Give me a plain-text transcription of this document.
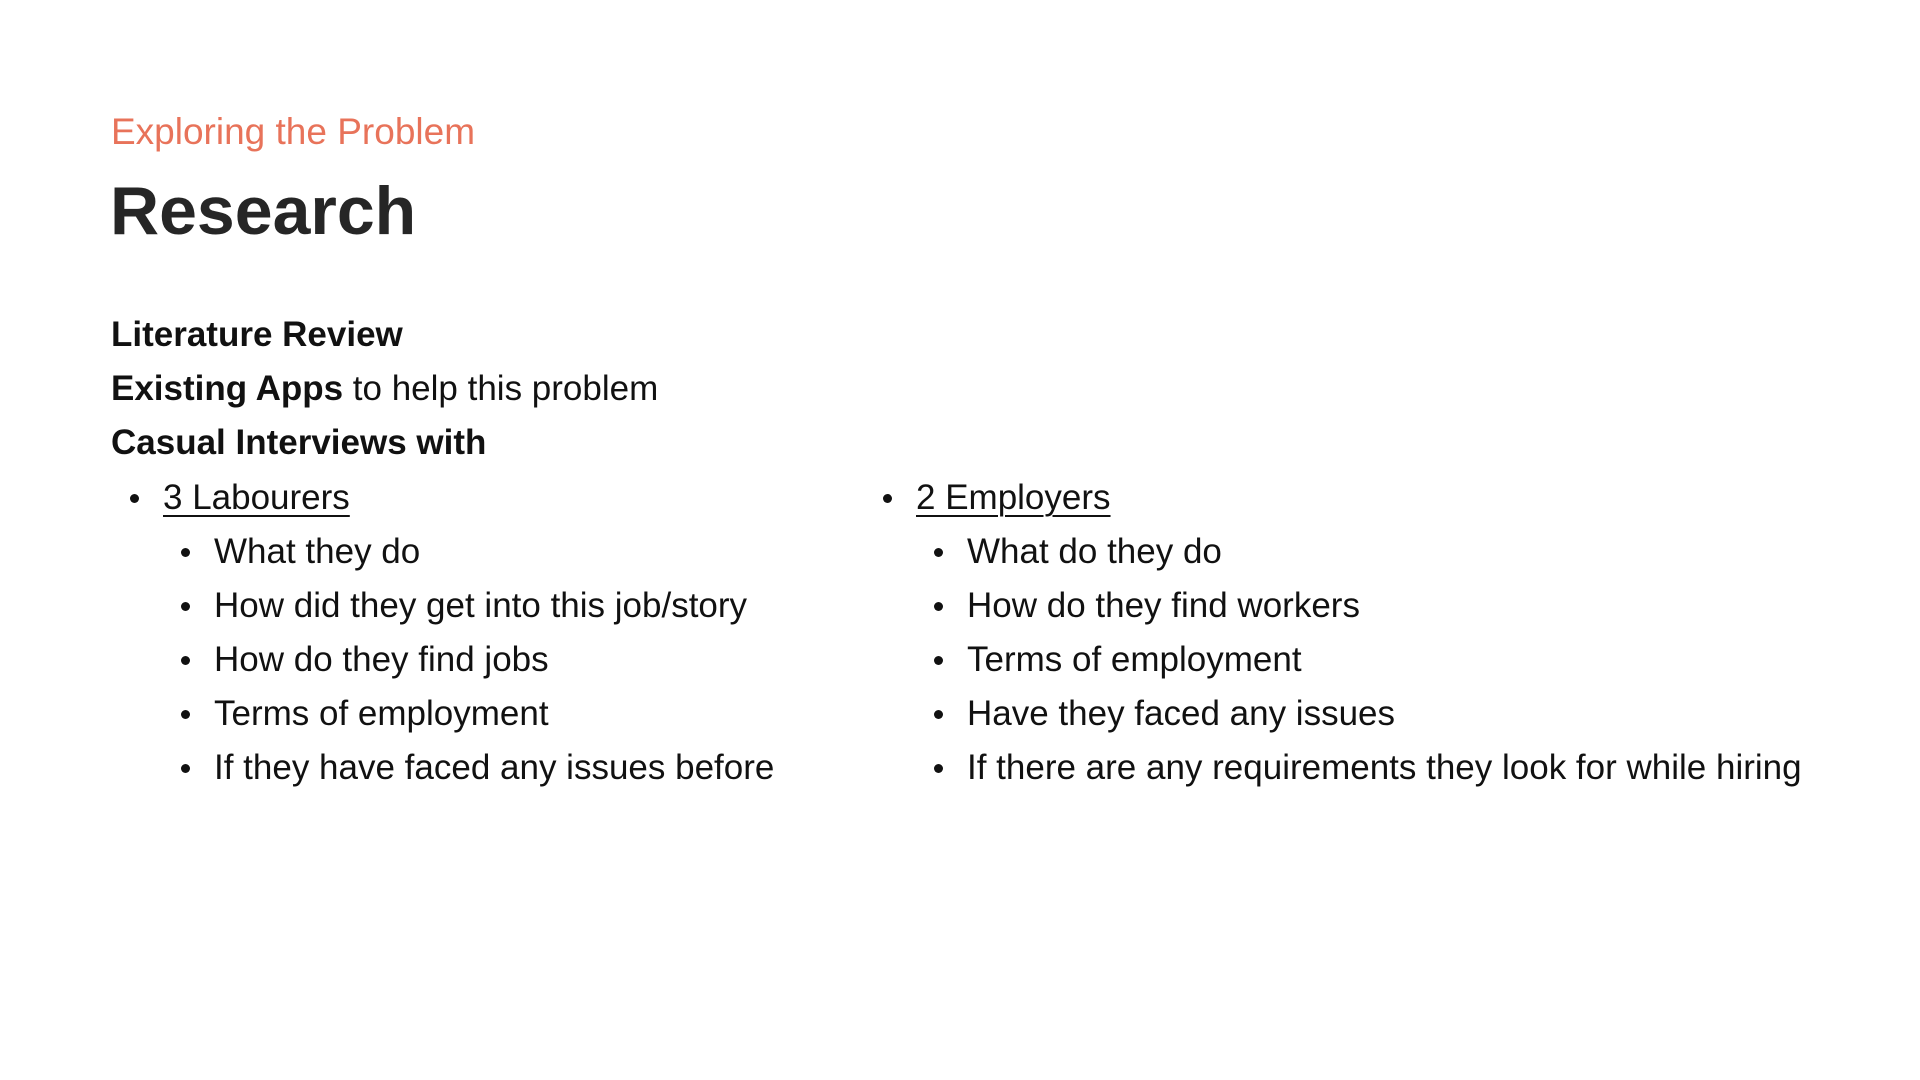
Exploring the Problem
Research
Literature Review
Existing Apps to help this problem
Casual Interviews with
3 Labourers
What they do
How did they get into this job/story
How do they find jobs
Terms of employment
If they have faced any issues before
2 Employers
What do they do
How do they find workers
Terms of employment
Have they faced any issues
If there are any requirements they look for while hiring
